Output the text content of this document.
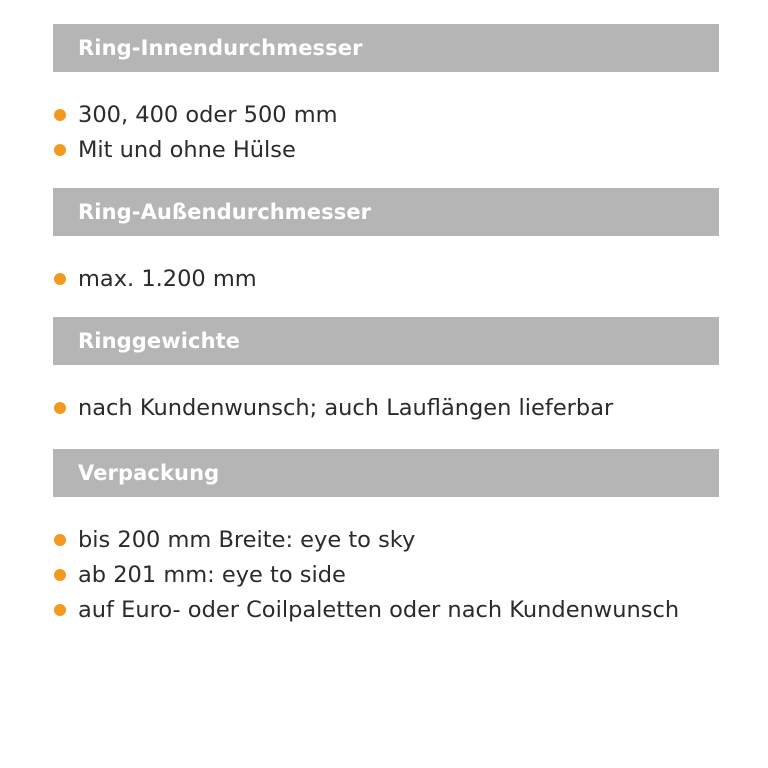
Ring-Innendurchmesser
300, 400 oder 500 mm
Mit und ohne Hülse
Ring-Außendurchmesser
max. 1.200 mm
Ringgewichte
nach Kundenwunsch; auch Lauflängen lieferbar
Verpackung
bis 200 mm Breite: eye to sky
ab 201 mm: eye to side
auf Euro- oder Coilpaletten oder nach Kundenwunsch
